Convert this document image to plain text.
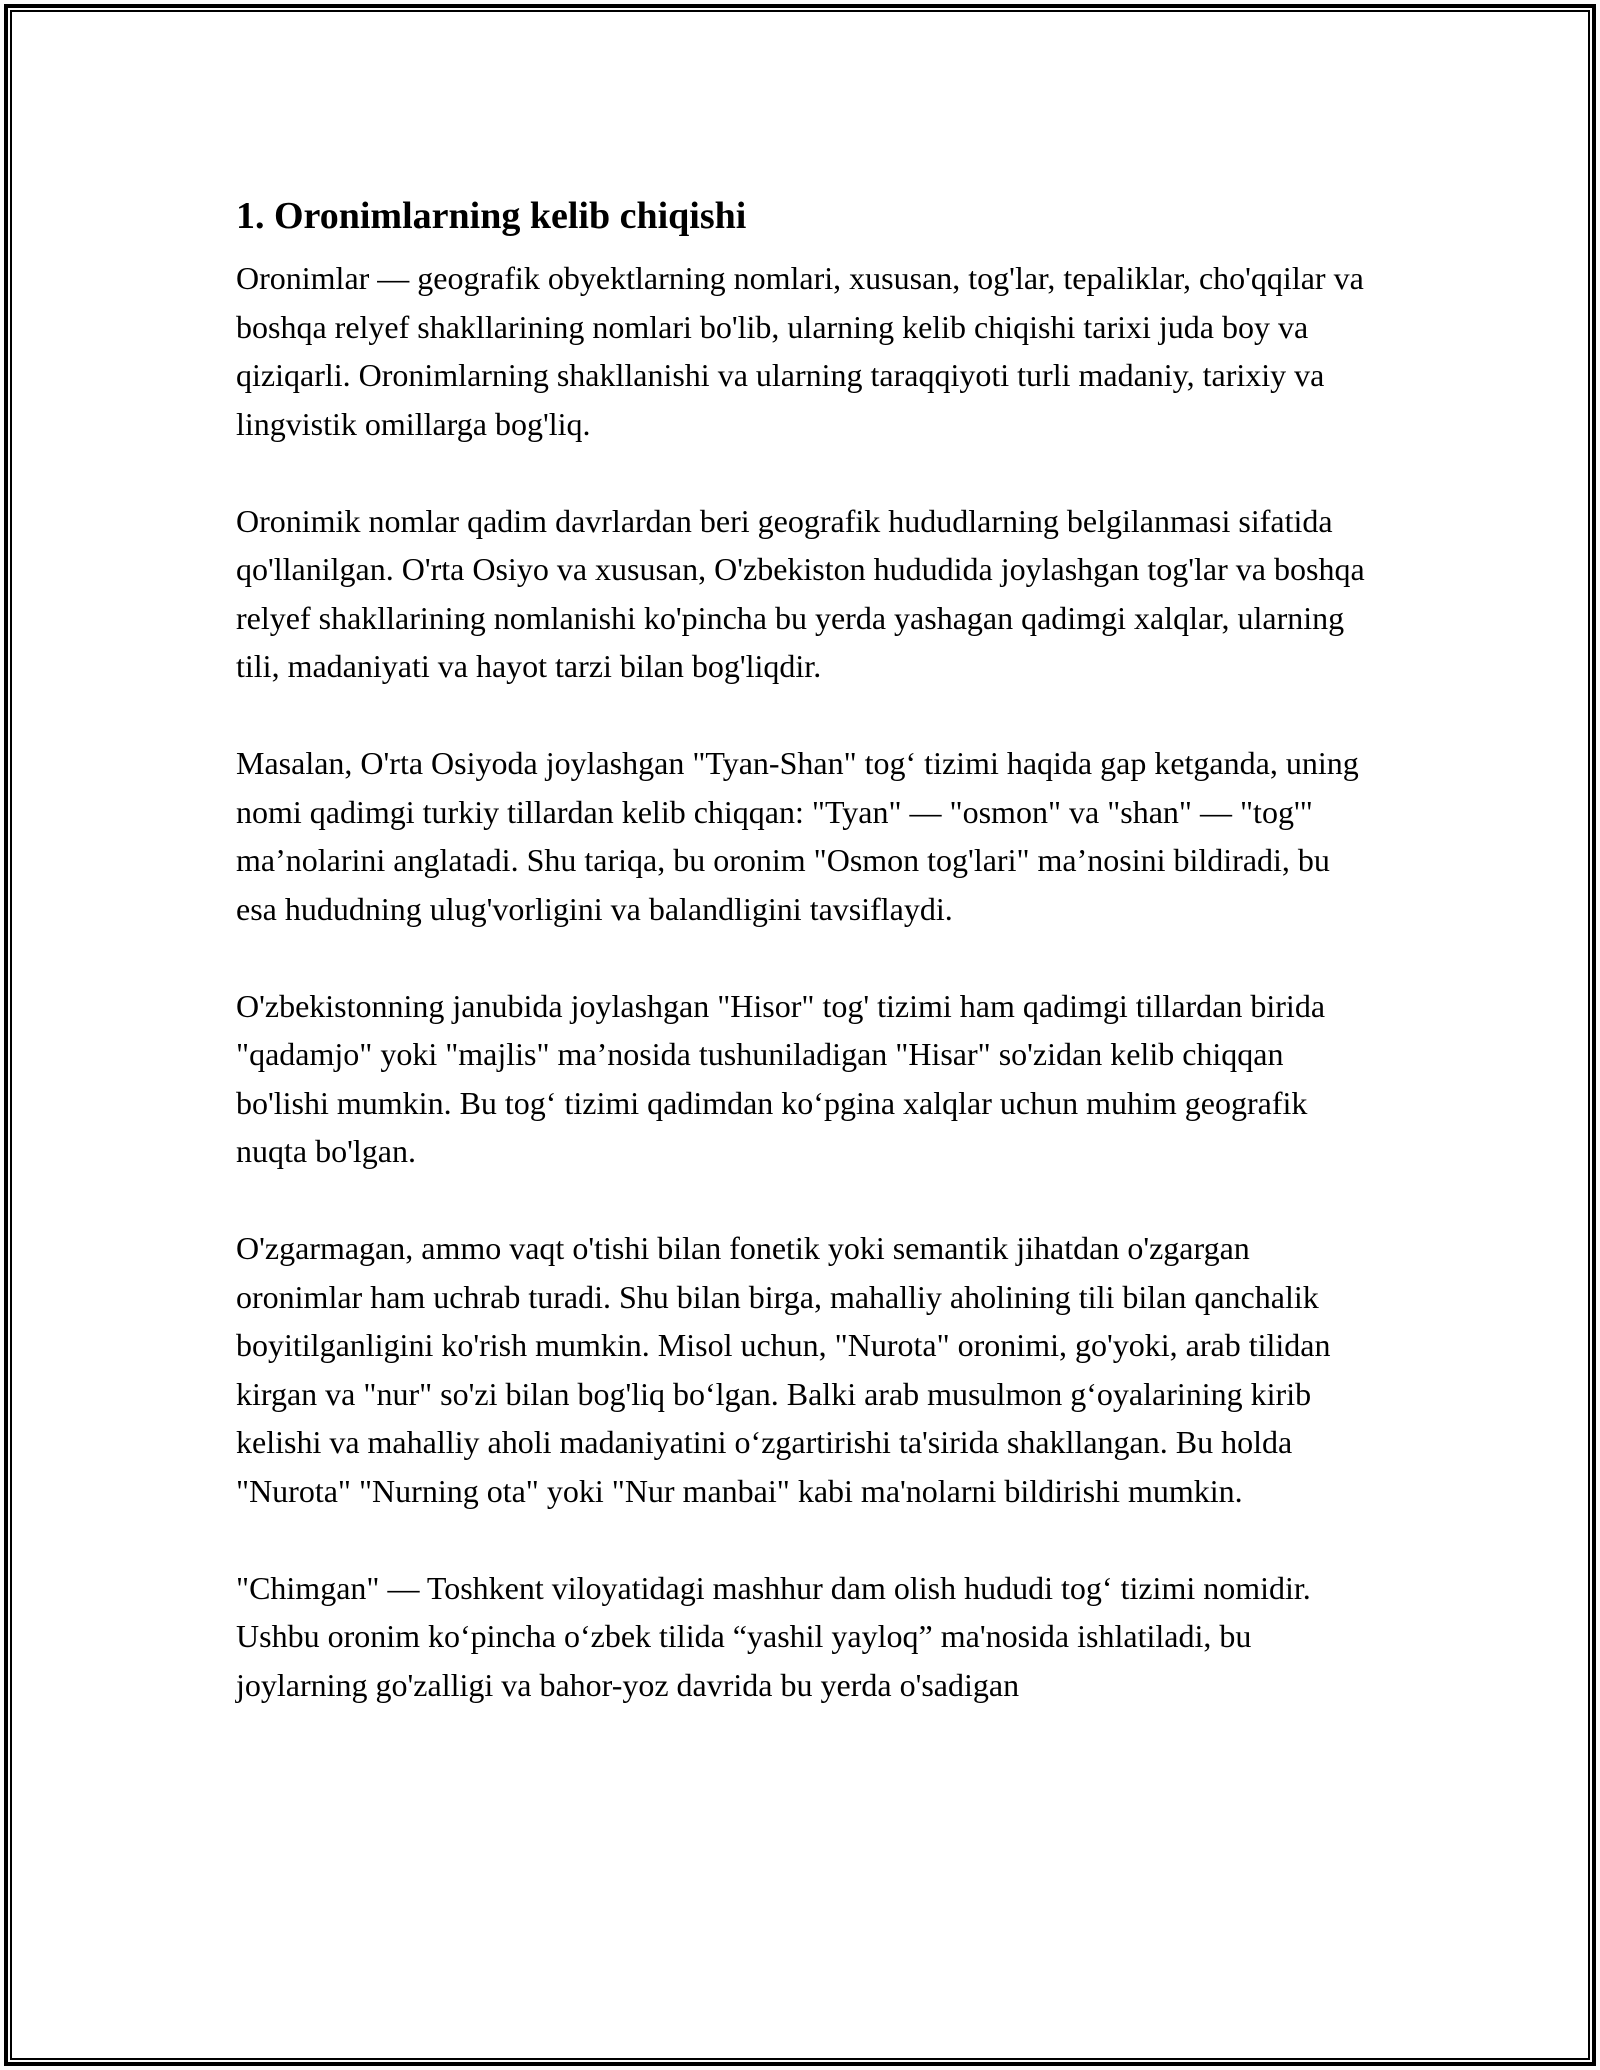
1. Oronimlarning kelib chiqishi

Oronimlar — geografik obyektlarning nomlari, xususan, tog'lar, tepaliklar, cho'qqilar va boshqa relyef shakllarining nomlari bo'lib, ularning kelib chiqishi tarixi juda boy va qiziqarli. Oronimlarning shakllanishi va ularning taraqqiyoti turli madaniy, tarixiy va lingvistik omillarga bog'liq.

Oronimik nomlar qadim davrlardan beri geografik hududlarning belgilanmasi sifatida qo'llanilgan. O'rta Osiyo va xususan, O'zbekiston hududida joylashgan tog'lar va boshqa relyef shakllarining nomlanishi ko'pincha bu yerda yashagan qadimgi xalqlar, ularning tili, madaniyati va hayot tarzi bilan bog'liqdir.

Masalan, O'rta Osiyoda joylashgan "Tyan-Shan" tog‘ tizimi haqida gap ketganda, uning nomi qadimgi turkiy tillardan kelib chiqqan: "Tyan" — "osmon" va "shan" — "tog'" ma’nolarini anglatadi. Shu tariqa, bu oronim "Osmon tog'lari" ma’nosini bildiradi, bu esa hududning ulug'vorligini va balandligini tavsiflaydi.

O'zbekistonning janubida joylashgan "Hisor" tog' tizimi ham qadimgi tillardan birida "qadamjo" yoki "majlis" ma’nosida tushuniladigan "Hisar" so'zidan kelib chiqqan bo'lishi mumkin. Bu tog‘ tizimi qadimdan ko‘pgina xalqlar uchun muhim geografik nuqta bo'lgan.

O'zgarmagan, ammo vaqt o'tishi bilan fonetik yoki semantik jihatdan o'zgargan oronimlar ham uchrab turadi. Shu bilan birga, mahalliy aholining tili bilan qanchalik boyitilganligini ko'rish mumkin. Misol uchun, "Nurota" oronimi, go'yoki, arab tilidan kirgan va "nur" so'zi bilan bog'liq bo‘lgan. Balki arab musulmon g‘oyalarining kirib kelishi va mahalliy aholi madaniyatini o‘zgartirishi ta'sirida shakllangan. Bu holda "Nurota" "Nurning ota" yoki "Nur manbai" kabi ma'nolarni bildirishi mumkin.

"Chimgan" — Toshkent viloyatidagi mashhur dam olish hududi tog‘ tizimi nomidir. Ushbu oronim ko‘pincha o‘zbek tilida “yashil yayloq” ma'nosida ishlatiladi, bu joylarning go'zalligi va bahor-yoz davrida bu yerda o'sadigan
